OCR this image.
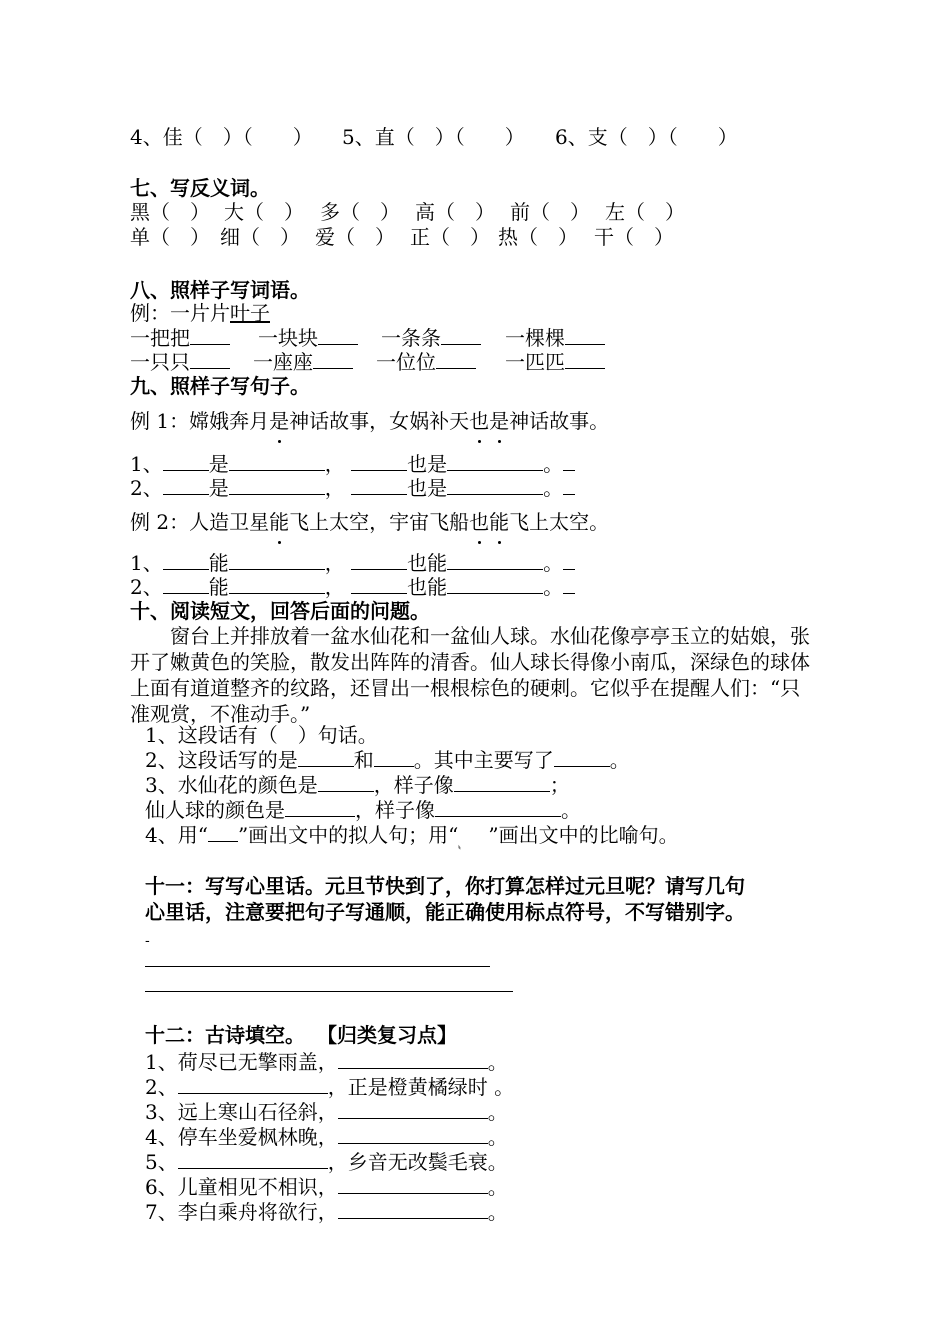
4、佳（　）（　　） 5、直（　）（　　） 6、支（　）（　　）
七、写反义词。
黑（　） 大（　） 多（　） 高（　） 前（　） 左（　）
单（　） 细（　） 爱（　） 正（　） 热（　） 干（　）
八、照样子写词语。
例：一片片叶子
一把把	一块块	一条条	一棵棵
一只只	一座座	一位位	一匹匹
九、照样子写句子。
例 1：嫦娥奔月是神话故事，女娲补天也是神话故事。
1、 是	，	也是	。
2、 是	，	也是	。
例 2：人造卫星能飞上太空，宇宙飞船也能飞上太空。
1、 能	，	也能	。
2、 能	，	也能	。
十、阅读短文，回答后面的问题。
窗台上并排放着一盆水仙花和一盆仙人球。水仙花像亭亭玉立的姑娘，张开了嫩黄色的笑脸，散发出阵阵的清香。仙人球长得像小南瓜，深绿色的球体上面有道道整齐的纹路，还冒出一根根棕色的硬刺。它似乎在提醒人们：“只准观赏，不准动手。”
1、这段话有（　）句话。
2、这段话写的是	和 。其中主要写了	。
3、水仙花的颜色是	，样子像	；
仙人球的颜色是	，样子像	。
4、用“ ”画出文中的拟人句；用“  ”画出文中的比喻句。
十一：写写心里话。元旦节快到了，你打算怎样过元旦呢？请写几句
心里话，注意要把句子写通顺，能正确使用标点符号，不写错别字。
-
十二：古诗填空。 【归类复习点】
1、荷尽已无擎雨盖，	。
2、	，正是橙黄橘绿时 。
3、远上寒山石径斜，	。
4、停车坐爱枫林晚，	。
5、	，乡音无改鬓毛衰。
6、儿童相见不相识，	。
7、李白乘舟将欲行，	。
